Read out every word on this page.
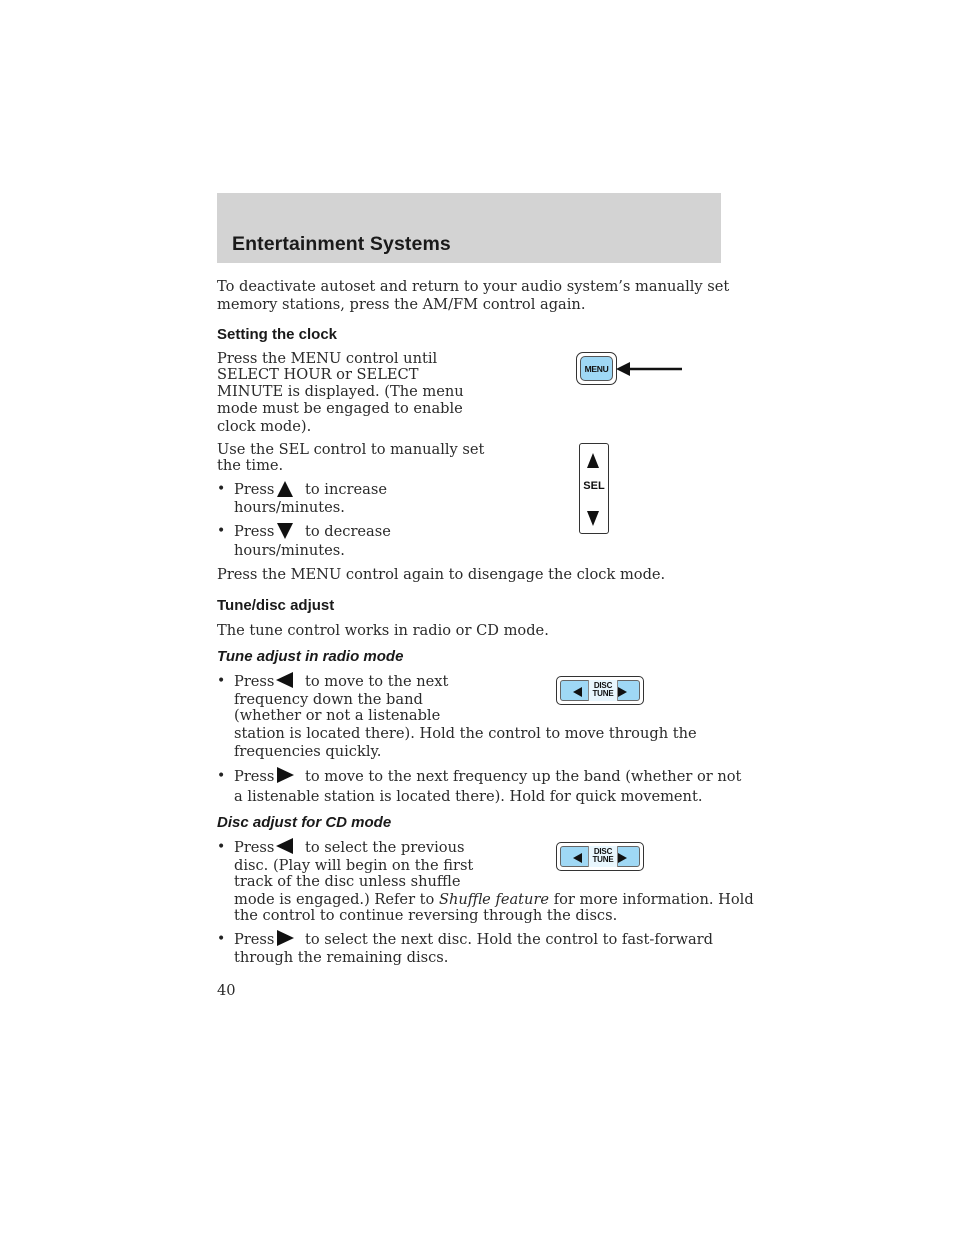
Entertainment Systems
To deactivate autoset and return to your audio system’s manually set
memory stations, press the AM/FM control again.
Setting the clock
Press the MENU control until
SELECT HOUR or SELECT
MINUTE is displayed. (The menu
mode must be engaged to enable
clock mode).
MENU
Use the SEL control to manually set
the time.
SEL
• Press to increase
hours/minutes.
• Press to decrease
hours/minutes.
Press the MENU control again to disengage the clock mode.
Tune/disc adjust
The tune control works in radio or CD mode.
Tune adjust in radio mode
DISC
TUNE
• Press to move to the next
frequency down the band
(whether or not a listenable
station is located there). Hold the control to move through the
frequencies quickly.
• Press to move to the next frequency up the band (whether or not
a listenable station is located there). Hold for quick movement.
Disc adjust for CD mode
DISC
TUNE
• Press to select the previous
disc. (Play will begin on the first
track of the disc unless shuffle
mode is engaged.) Refer to Shuffle feature for more information. Hold
the control to continue reversing through the discs.
• Press to select the next disc. Hold the control to fast-forward
through the remaining discs.
40
